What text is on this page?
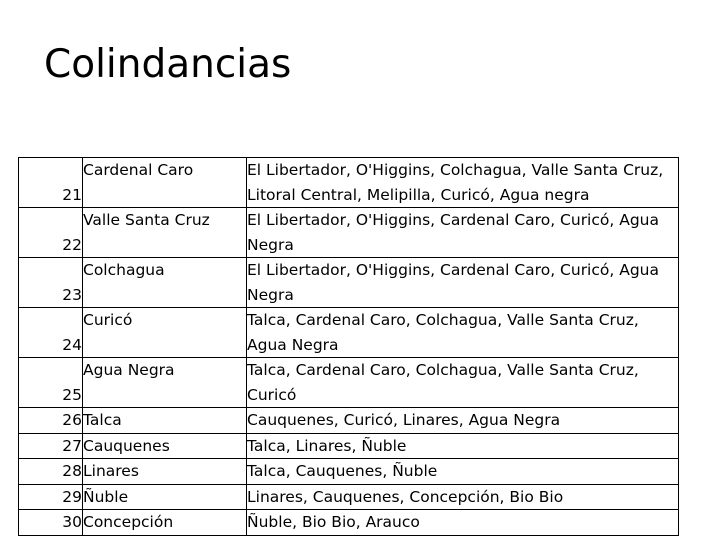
Colindancias
21	Cardenal Caro	El Libertador, O'Higgins, Colchagua, Valle Santa Cruz,
Litoral Central, Melipilla, Curicó, Agua negra

22	Valle Santa Cruz	El Libertador, O'Higgins, Cardenal Caro, Curicó, Agua
Negra

23	Colchagua	El Libertador, O'Higgins, Cardenal Caro, Curicó, Agua
Negra

24	Curicó	Talca, Cardenal Caro, Colchagua, Valle Santa Cruz,
Agua Negra

25	Agua Negra	Talca, Cardenal Caro, Colchagua, Valle Santa Cruz,
Curicó

26	Talca	Cauquenes, Curicó, Linares, Agua Negra

27	Cauquenes	Talca, Linares, Ñuble

28	Linares	Talca, Cauquenes, Ñuble

29	Ñuble	Linares, Cauquenes, Concepción, Bio Bio

30	Concepción	Ñuble, Bio Bio, Arauco
